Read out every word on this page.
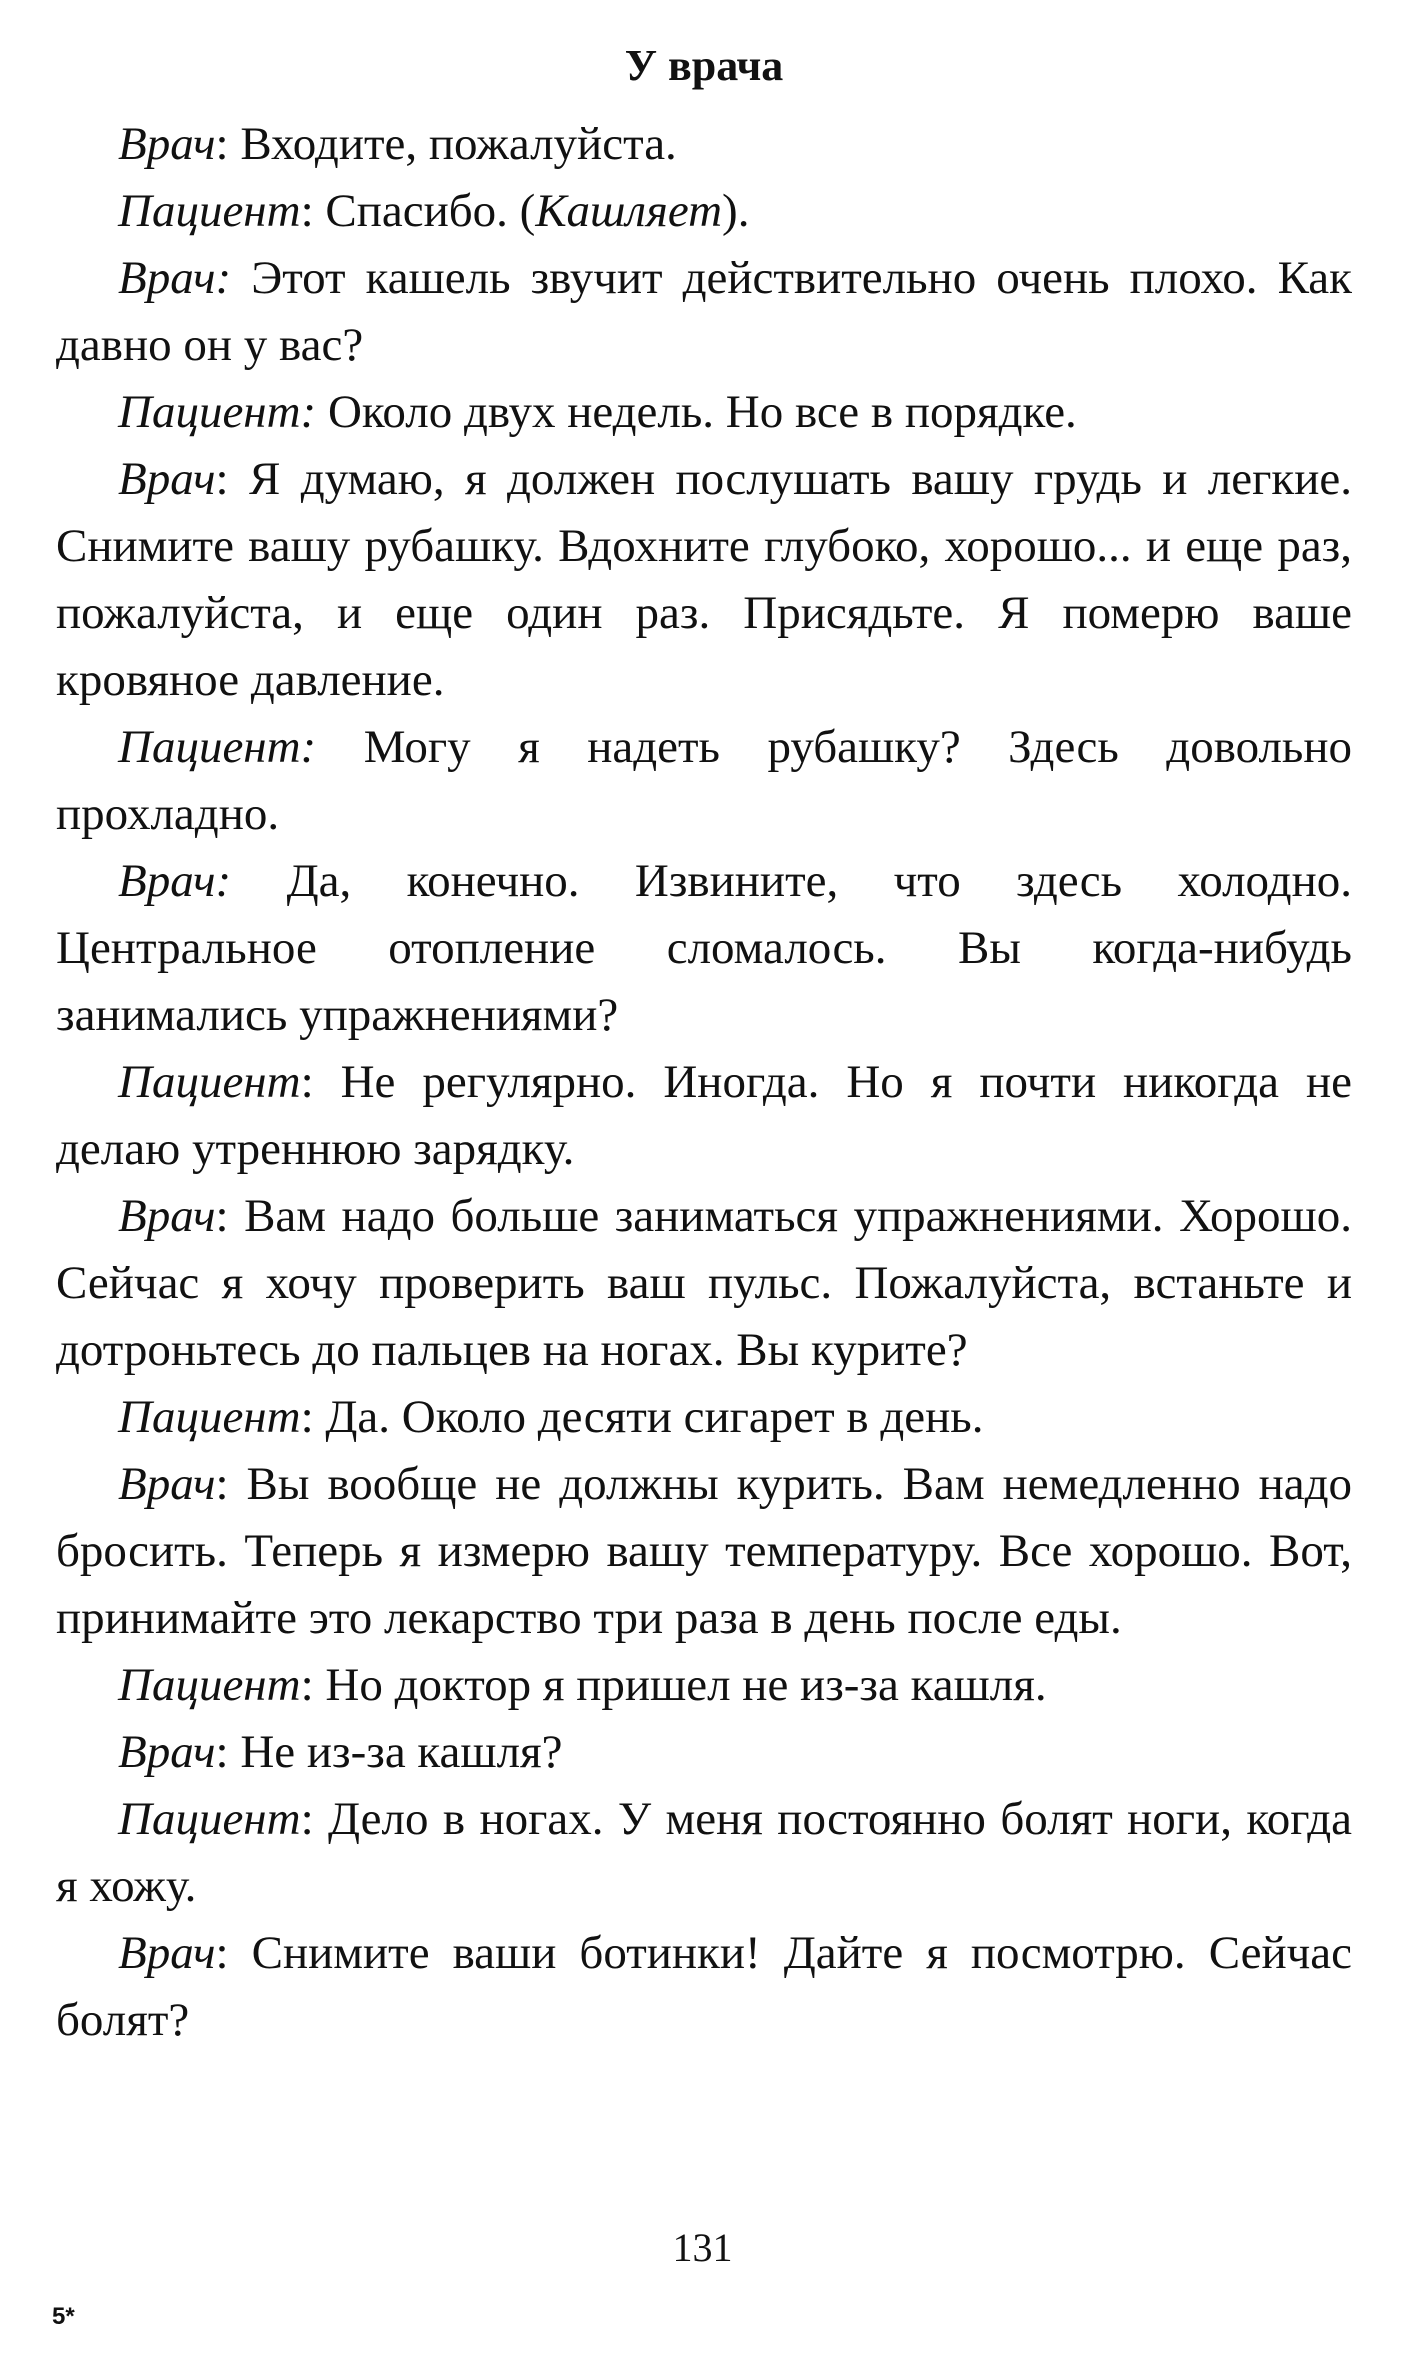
У врача

Врач: Входите, пожалуйста.

Пациент: Спасибо. (Кашляет).

Врач: Этот кашель звучит действительно очень плохо. Как давно он у вас?

Пациент: Около двух недель. Но все в порядке.

Врач: Я думаю, я должен послушать вашу грудь и легкие. Снимите вашу рубашку. Вдохните глубоко, хорошо... и еще раз, пожалуйста, и еще один раз. Присядьте. Я померю ваше кровяное давление.

Пациент: Могу я надеть рубашку? Здесь довольно прохладно.

Врач: Да, конечно. Извините, что здесь холодно. Центральное отопление сломалось. Вы когда-нибудь занимались упражнениями?

Пациент: Не регулярно. Иногда. Но я почти никогда не делаю утреннюю зарядку.

Врач: Вам надо больше заниматься упражнениями. Хорошо. Сейчас я хочу проверить ваш пульс. Пожалуйста, встаньте и дотроньтесь до пальцев на ногах. Вы курите?

Пациент: Да. Около десяти сигарет в день.

Врач: Вы вообще не должны курить. Вам немедленно надо бросить. Теперь я измерю вашу температуру. Все хорошо. Вот, принимайте это лекарство три раза в день после еды.

Пациент: Но доктор я пришел не из-за кашля.

Врач: Не из-за кашля?

Пациент: Дело в ногах. У меня постоянно болят ноги, когда я хожу.

Врач: Снимите ваши ботинки! Дайте я посмотрю. Сейчас болят?

131
5*
